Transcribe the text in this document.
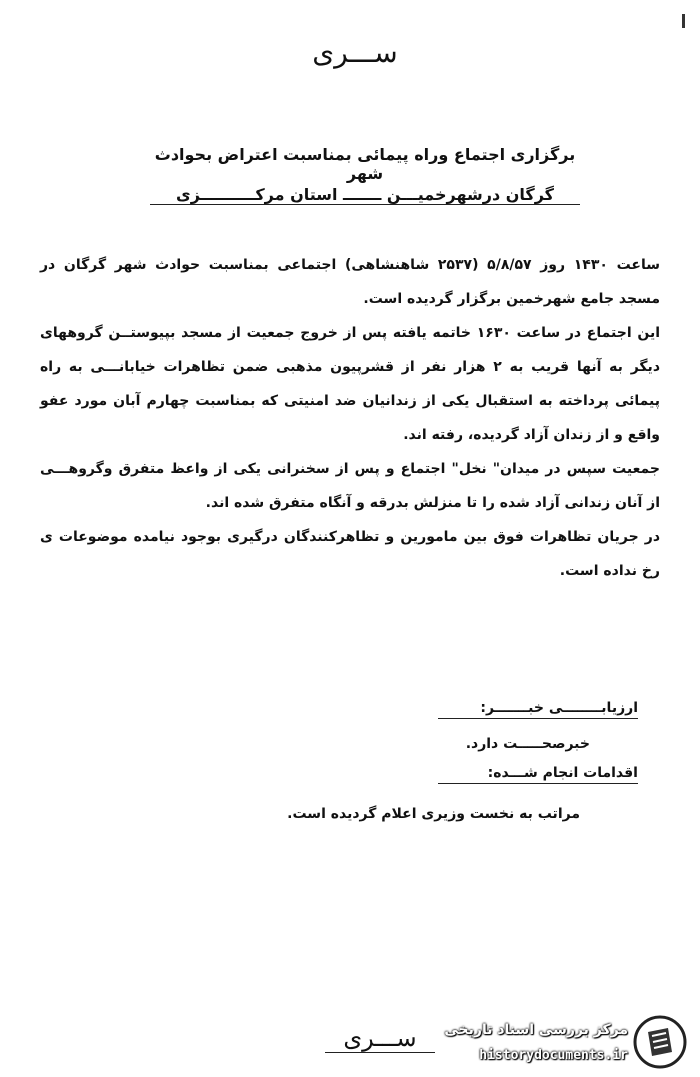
ســـری
برگزاری اجتماع وراه پیمائی بمناسبت اعتراض بحوادث شهر
گرگان درشهرخمیـــن ـــــــ استان مرکــــــــــزی

ساعت ۱۴۳۰ روز ۵/۸/۵۷ (۲۵۳۷ شاهنشاهی) اجتماعی بمناسبت حوادث شهر گرگان در مسجد جامع شهرخمین برگزار گردیده است.

این اجتماع در ساعت ۱۶۳۰ خاتمه یافته پس از خروج جمعیت از مسجد بپیوستــن گروههای دیگر به آنها قریب به ۲ هزار نفر از قشرپیون مذهبی ضمن تظاهرات خیابانـــی به راه پیمائی پرداخته به استقبال یکی از زندانیان ضد امنیتی که بمناسبت چهارم آبان مورد عفو واقع و از زندان آزاد گردیده، رفته اند.

جمعیت سپس در میدان" نخل" اجتماع و پس از سخنرانی یکی از واعظ متفرق وگروهـــی از آنان زندانی آزاد شده را تا منزلش بدرقه و آنگاه متفرق شده اند.

در جریان تظاهرات فوق بین مامورین و تظاهرکنندگان درگیری بوجود نیامده موضوعات ی رخ نداده است.

ارزیابــــــــی خبـــــــر:
خبرصحـــــت دارد.
اقدامات انجام شـــده:
مراتب به نخست وزیری اعلام گردیده است.
ســـری	مرکز بررسی اسناد تاریخی
historydocuments.ir
